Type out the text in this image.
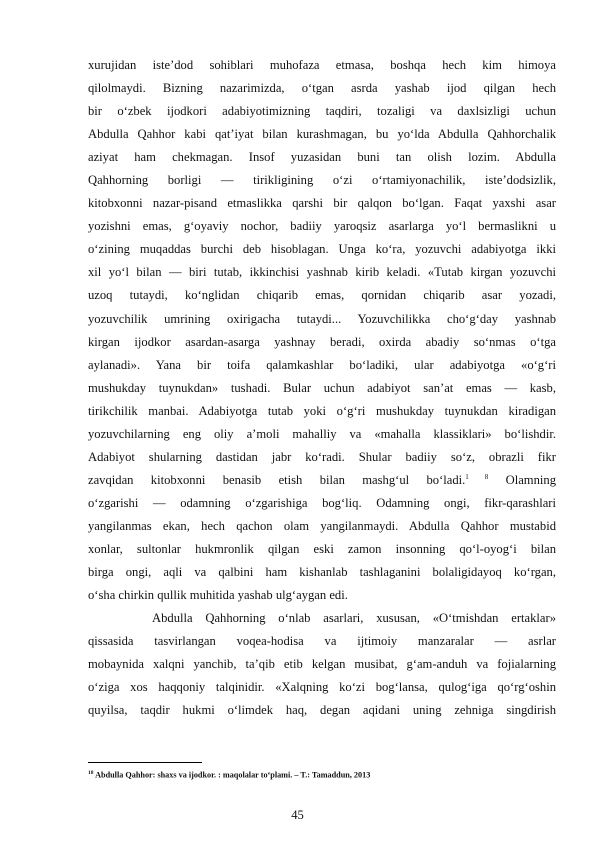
xurujidan iste’dod sohiblari muhofaza etmasa, boshqa hech kim himoya
qilolmaydi. Bizning nazarimizda, o‘tgan asrda yashab ijod qilgan hech
bir o‘zbek ijodkori adabiyotimizning taqdiri, tozaligi va daxlsizligi uchun
Abdulla Qahhor kabi qat’iyat bilan kurashmagan, bu yo‘lda Abdulla Qahhorchalik
aziyat ham chekmagan. Insof yuzasidan buni tan olish lozim. Abdulla
Qahhorning borligi — tirikligining o‘zi o‘rtamiyonachilik, iste’dodsizlik,
kitobxonni nazar-pisand etmaslikka qarshi bir qalqon bo‘lgan. Faqat yaxshi asar
yozishni emas, g‘oyaviy nochor, badiiy yaroqsiz asarlarga yo‘l bermaslikni u
o‘zining muqaddas burchi deb hisoblagan. Unga ko‘ra, yozuvchi adabiyotga ikki
xil yo‘l bilan — biri tutab, ikkinchisi yashnab kirib keladi. «Tutab kirgan yozuvchi
uzoq tutaydi, ko‘nglidan chiqarib emas, qornidan chiqarib asar yozadi,
yozuvchilik umrining oxirigacha tutaydi... Yozuvchilikka cho‘g‘day yashnab
kirgan ijodkor asardan-asarga yashnay beradi, oxirda abadiy so‘nmas o‘tga
aylanadi». Yana bir toifa qalamkashlar bo‘ladiki, ular adabiyotga «o‘g‘ri
mushukday tuynukdan» tushadi. Bular uchun adabiyot san’at emas — kasb,
tirikchilik manbai. Adabiyotga tutab yoki o‘g‘ri mushukday tuynukdan kiradigan
yozuvchilarning eng oliy a’moli mahalliy va «mahalla klassiklari» bo‘lishdir.
Adabiyot shularning dastidan jabr ko‘radi. Shular badiiy so‘z, obrazli fikr
zavqidan kitobxonni benasib etish bilan mashg‘ul bo‘ladi.$^{1 8}$ Olamning
o‘zgarishi — odamning o‘zgarishiga bog‘liq. Odamning ongi, fikr-qarashlari
yangilanmas ekan, hech qachon olam yangilanmaydi. Abdulla Qahhor mustabid
xonlar, sultonlar hukmronlik qilgan eski zamon insonning qo‘l-oyog‘i bilan
birga ongi, aqli va qalbini ham kishanlab tashlaganini bolaligidayoq ko‘rgan,
o‘sha chirkin qullik muhitida yashab ulg‘aygan edi.
Abdulla Qahhorning o‘nlab asarlari, xususan, «O‘tmishdan ertaklar»
qissasida tasvirlangan voqea-hodisa va ijtimoiy manzaralar — asrlar
mobaynida xalqni yanchib, ta’qib etib kelgan musibat, g‘am-anduh va fojialarning
o‘ziga xos haqqoniy talqinidir. «Xalqning ko‘zi bog‘lansa, qulog‘iga qo‘rg‘oshin
quyilsa, taqdir hukmi o‘limdek haq, degan aqidani uning zehniga singdirish
$^{18}$ Abdulla Qahhor: shaxs va ijodkor. : maqolalar to‘plami. – T.: Tamaddun, 2013
45
